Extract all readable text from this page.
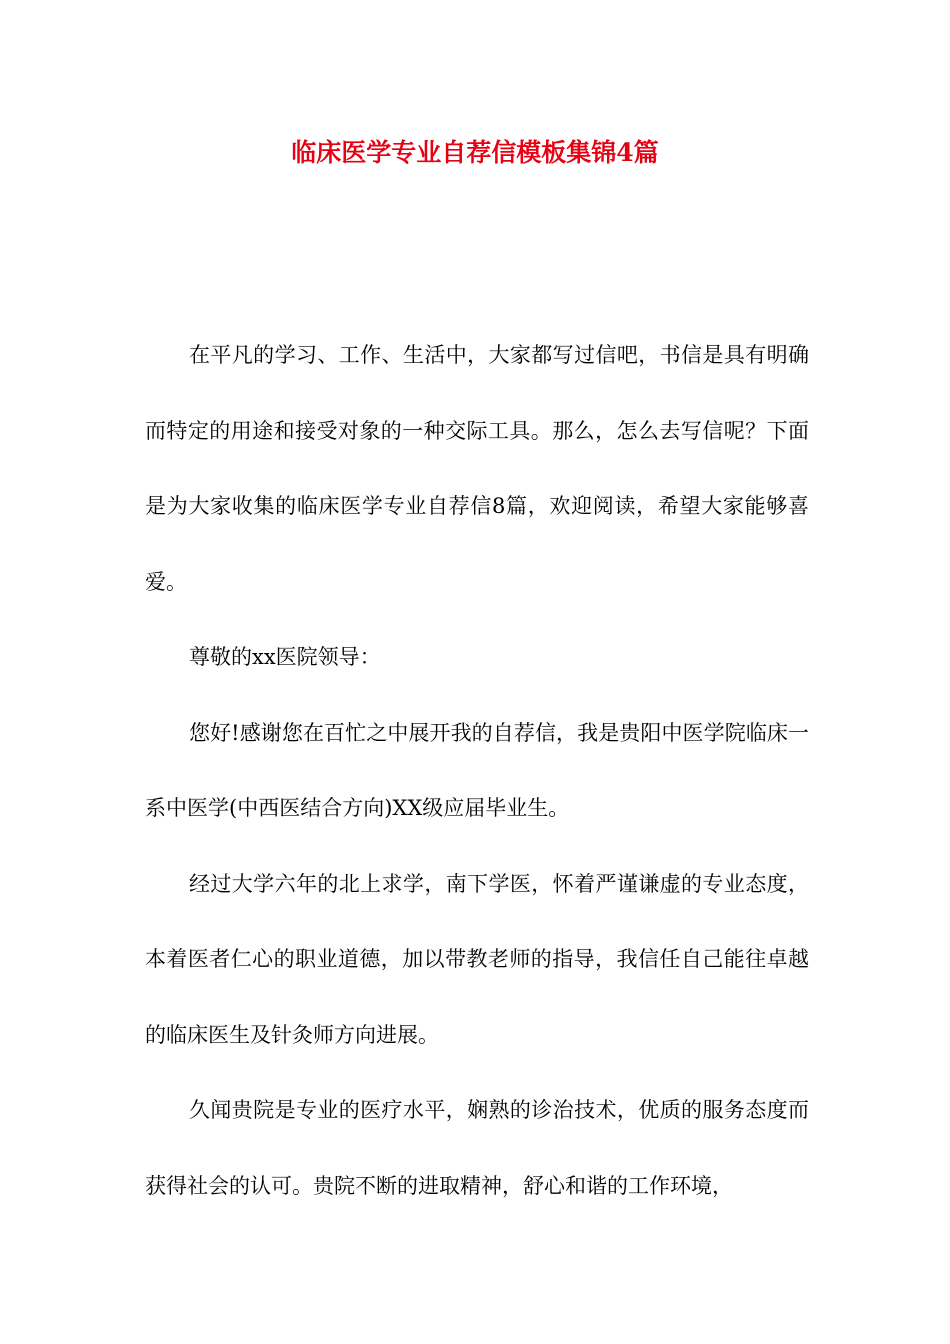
临床医学专业自荐信模板集锦4篇

在平凡的学习、工作、生活中，大家都写过信吧，书信是具有明确而特定的用途和接受对象的一种交际工具。那么，怎么去写信呢？下面是为大家收集的临床医学专业自荐信8篇，欢迎阅读，希望大家能够喜爱。

尊敬的xx医院领导：

您好!感谢您在百忙之中展开我的自荐信，我是贵阳中医学院临床一系中医学(中西医结合方向)XX级应届毕业生。

经过大学六年的北上求学，南下学医，怀着严谨谦虚的专业态度，本着医者仁心的职业道德，加以带教老师的指导，我信任自己能往卓越的临床医生及针灸师方向进展。

久闻贵院是专业的医疗水平，娴熟的诊治技术，优质的服务态度而获得社会的认可。贵院不断的进取精神，舒心和谐的工作环境，
